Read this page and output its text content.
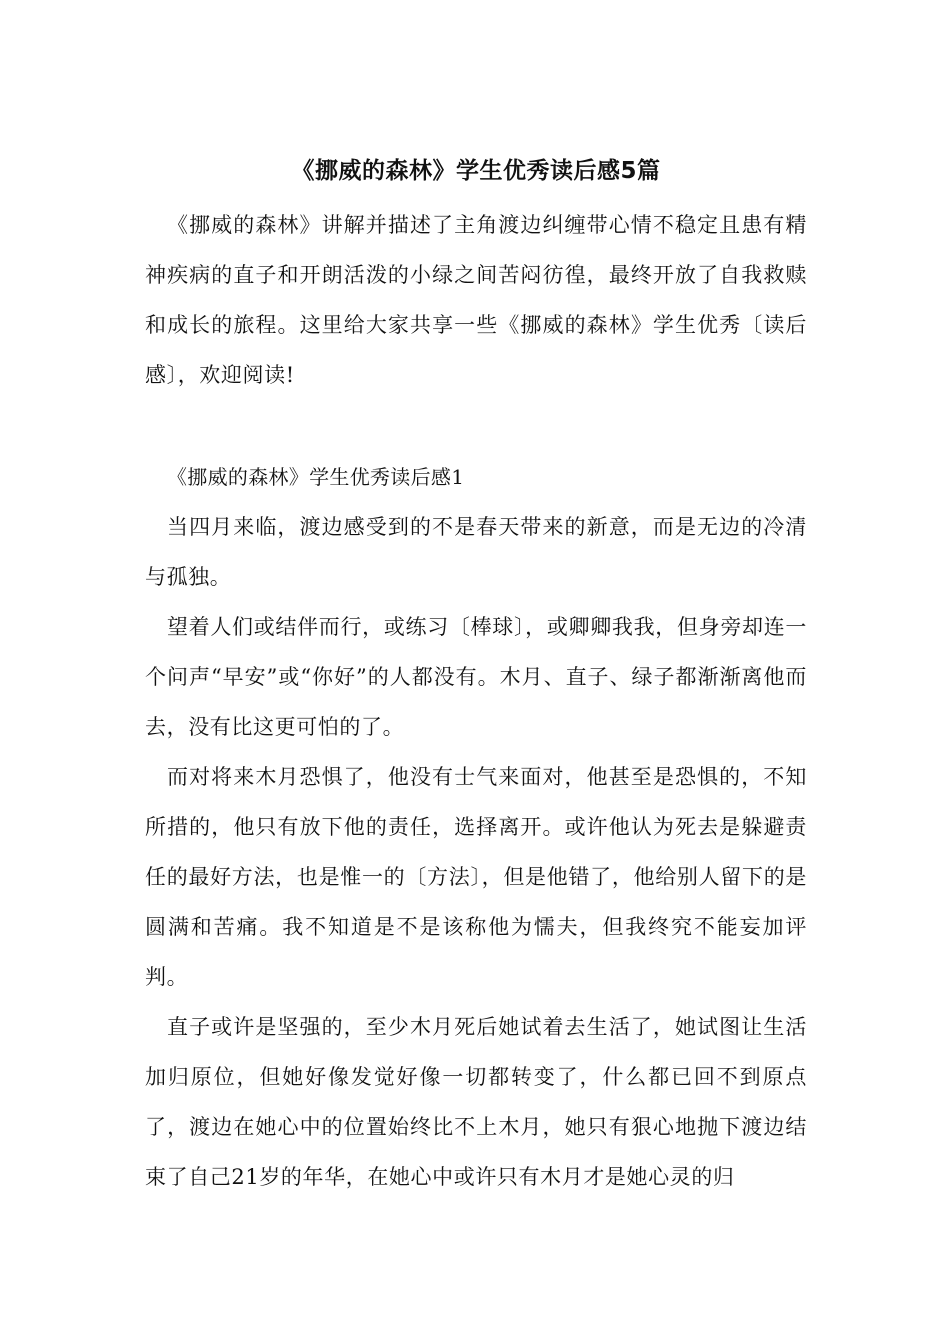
《挪威的森林》学生优秀读后感5篇

《挪威的森林》讲解并描述了主角渡边纠缠带心情不稳定且患有精神疾病的直子和开朗活泼的小绿之间苦闷彷徨，最终开放了自我救赎和成长的旅程。这里给大家共享一些《挪威的森林》学生优秀〔读后感〕，欢迎阅读!

《挪威的森林》学生优秀读后感1

当四月来临，渡边感受到的不是春天带来的新意，而是无边的冷清与孤独。

望着人们或结伴而行，或练习〔棒球〕，或卿卿我我，但身旁却连一个问声“早安”或“你好”的人都没有。木月、直子、绿子都渐渐离他而去，没有比这更可怕的了。

而对将来木月恐惧了，他没有士气来面对，他甚至是恐惧的，不知所措的，他只有放下他的责任，选择离开。或许他认为死去是躲避责任的最好方法，也是惟一的〔方法〕，但是他错了，他给别人留下的是圆满和苦痛。我不知道是不是该称他为懦夫，但我终究不能妄加评判。

直子或许是坚强的，至少木月死后她试着去生活了，她试图让生活加归原位，但她好像发觉好像一切都转变了，什么都已回不到原点了，渡边在她心中的位置始终比不上木月，她只有狠心地抛下渡边结束了自己21岁的年华，在她心中或许只有木月才是她心灵的归
